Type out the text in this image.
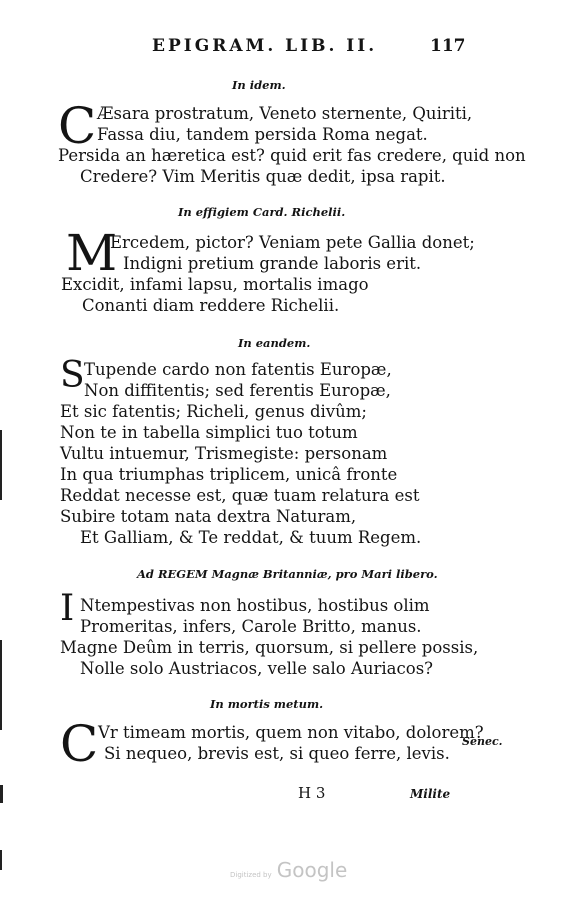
EPIGRAM. LIB. II.	117
In idem.
C Æsara prostratum, Veneto sternente, Quiriti,
Fassa diu, tandem persida Roma negat.
Persida an hæretica est? quid erit fas credere, quid non
Credere? Vim Meritis quæ dedit, ipsa rapit.
In effigiem Card. Richelii.
M
Ercedem, pictor? Veniam pete Gallia donet;
Indigni pretium grande laboris erit.
Excidit, infami lapsu, mortalis imago
Conanti diam reddere Richelii.
In eandem.
S Tupende cardo non fatentis Europæ,
Non diffitentis; sed ferentis Europæ,
Et sic fatentis; Richeli, genus divûm;
Non te in tabella simplici tuo totum
Vultu intuemur, Trismegiste: personam
In qua triumphas triplicem, unicâ fronte
Reddat necesse est, quæ tuam relatura est
Subire totam nata dextra Naturam,
Et Galliam, & Te reddat, & tuum Regem.
Ad REGEM Magnæ Britanniæ, pro Mari libero.
I Ntempestivas non hostibus, hostibus olim
Promeritas, infers, Carole Britto, manus.
Magne Deûm in terris, quorsum, si pellere possis,
Nolle solo Austriacos, velle salo Auriacos?
In mortis metum.
C Vr timeam mortis, quem non vitabo, dolorem?
Si nequeo, brevis est, si queo ferre, levis.
Senec.
H 3	Milite
Digitized by Google
